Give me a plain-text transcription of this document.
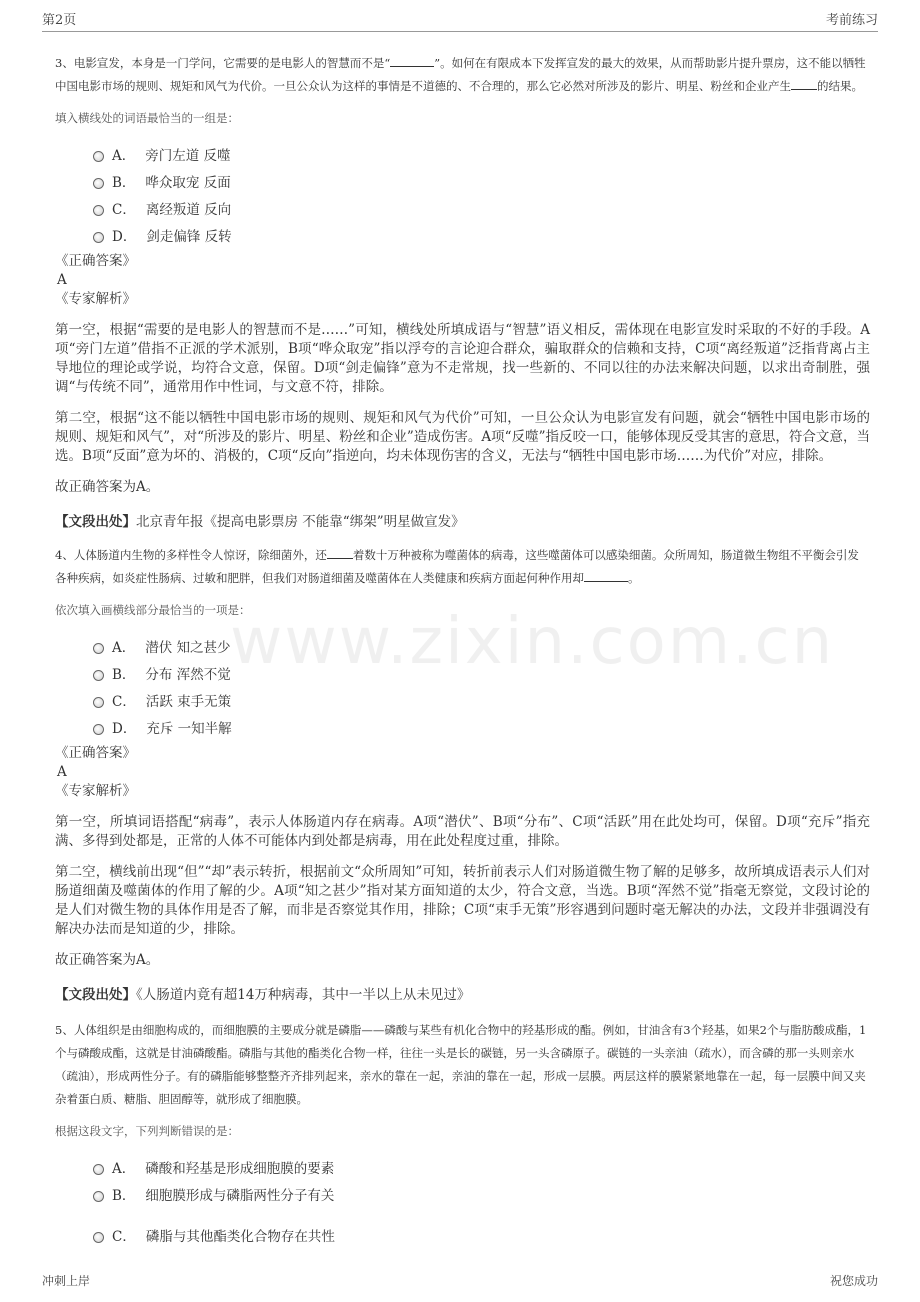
第2页	考前练习
www.zixin.com.cn

3、电影宣发，本身是一门学问，它需要的是电影人的智慧而不是“	”。如何在有限成本下发挥宣发的最大的效果，从而帮助影片提升票房，这不能以牺牲中国电影市场的规则、规矩和风气为代价。一旦公众认为这样的事情是不道德的、不合理的，那么它必然对所涉及的影片、明星、粉丝和企业产生 的结果。

填入横线处的词语最恰当的一组是：

A． 旁门左道 反噬
B． 哗众取宠 反面
C． 离经叛道 反向
D． 剑走偏锋 反转

《正确答案》

A

《专家解析》

第一空，根据“需要的是电影人的智慧而不是……”可知，横线处所填成语与“智慧”语义相反，需体现在电影宣发时采取的不好的手段。A项“旁门左道”借指不正派的学术派别，B项“哗众取宠”指以浮夸的言论迎合群众，骗取群众的信赖和支持，C项“离经叛道”泛指背离占主导地位的理论或学说，均符合文意，保留。D项“剑走偏锋”意为不走常规，找一些新的、不同以往的办法来解决问题，以求出奇制胜，强调“与传统不同”，通常用作中性词，与文意不符，排除。

第二空，根据“这不能以牺牲中国电影市场的规则、规矩和风气为代价”可知，一旦公众认为电影宣发有问题，就会“牺牲中国电影市场的规则、规矩和风气”，对“所涉及的影片、明星、粉丝和企业”造成伤害。A项“反噬”指反咬一口，能够体现反受其害的意思，符合文意，当选。B项“反面”意为坏的、消极的，C项“反向”指逆向，均未体现伤害的含义，无法与“牺牲中国电影市场……为代价”对应，排除。

故正确答案为A。

【文段出处】北京青年报《提高电影票房 不能靠“绑架”明星做宣发》

4、人体肠道内生物的多样性令人惊讶，除细菌外，还 着数十万种被称为噬菌体的病毒，这些噬菌体可以感染细菌。众所周知，肠道微生物组不平衡会引发各种疾病，如炎症性肠病、过敏和肥胖，但我们对肠道细菌及噬菌体在人类健康和疾病方面起何种作用却	。

依次填入画横线部分最恰当的一项是：

A． 潜伏 知之甚少
B． 分布 浑然不觉
C． 活跃 束手无策
D． 充斥 一知半解

《正确答案》

A

《专家解析》

第一空，所填词语搭配“病毒”，表示人体肠道内存在病毒。A项“潜伏”、B项“分布”、C项“活跃”用在此处均可，保留。D项“充斥”指充满、多得到处都是，正常的人体不可能体内到处都是病毒，用在此处程度过重，排除。

第二空，横线前出现“但”“却”表示转折，根据前文“众所周知”可知，转折前表示人们对肠道微生物了解的足够多，故所填成语表示人们对肠道细菌及噬菌体的作用了解的少。A项“知之甚少”指对某方面知道的太少，符合文意，当选。B项“浑然不觉”指毫无察觉，文段讨论的是人们对微生物的具体作用是否了解，而非是否察觉其作用，排除；C项“束手无策”形容遇到问题时毫无解决的办法，文段并非强调没有解决办法而是知道的少，排除。

故正确答案为A。

【文段出处】《人肠道内竟有超14万种病毒，其中一半以上从未见过》

5、人体组织是由细胞构成的，而细胞膜的主要成分就是磷脂——磷酸与某些有机化合物中的羟基形成的酯。例如，甘油含有3个羟基，如果2个与脂肪酸成酯，1个与磷酸成酯，这就是甘油磷酸酯。磷脂与其他的酯类化合物一样，往往一头是长的碳链，另一头含磷原子。碳链的一头亲油（疏水），而含磷的那一头则亲水（疏油），形成两性分子。有的磷脂能够整整齐齐排列起来，亲水的靠在一起，亲油的靠在一起，形成一层膜。两层这样的膜紧紧地靠在一起，每一层膜中间又夹杂着蛋白质、糖脂、胆固醇等，就形成了细胞膜。

根据这段文字，下列判断错误的是：

A． 磷酸和羟基是形成细胞膜的要素
B． 细胞膜形成与磷脂两性分子有关
C． 磷脂与其他酯类化合物存在共性
冲刺上岸	祝您成功
